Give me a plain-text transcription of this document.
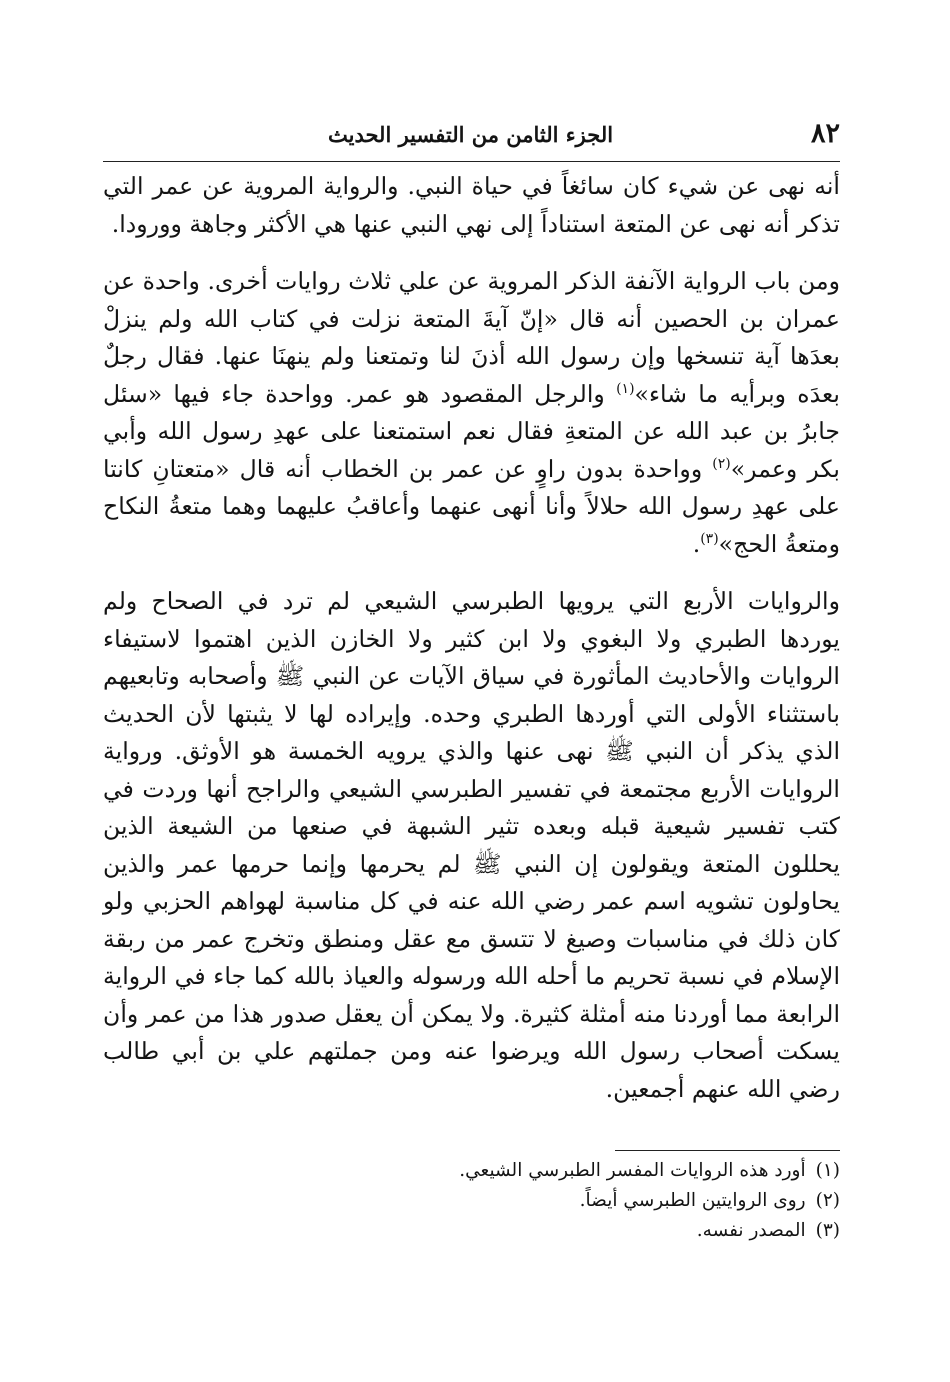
٨٢
الجزء الثامن من التفسير الحديث

أنه نهى عن شيء كان سائغاً في حياة النبي. والرواية المروية عن عمر التي تذكر أنه نهى عن المتعة استناداً إلى نهي النبي عنها هي الأكثر وجاهة وورودا.

ومن باب الرواية الآنفة الذكر المروية عن علي ثلاث روايات أخرى. واحدة عن عمران بن الحصين أنه قال «إنّ آيةَ المتعة نزلت في كتاب الله ولم ينزلْ بعدَها آية تنسخها وإن رسول الله أذنَ لنا وتمتعنا ولم ينهنَا عنها. فقال رجلٌ بعدَه وبرأيه ما شاء»$^{(١)}$ والرجل المقصود هو عمر. وواحدة جاء فيها «سئل جابرُ بن عبد الله عن المتعةِ فقال نعم استمتعنا على عهدِ رسول الله وأبي بكر وعمر»$^{(٢)}$ وواحدة بدون راوٍ عن عمر بن الخطاب أنه قال «متعتانِ كانتا على عهدِ رسول الله حلالاً وأنا أنهى عنهما وأعاقبُ عليهما وهما متعةُ النكاح ومتعةُ الحج»$^{(٣)}$.

والروايات الأربع التي يرويها الطبرسي الشيعي لم ترد في الصحاح ولم يوردها الطبري ولا البغوي ولا ابن كثير ولا الخازن الذين اهتموا لاستيفاء الروايات والأحاديث المأثورة في سياق الآيات عن النبي ﷺ وأصحابه وتابعيهم باستثناء الأولى التي أوردها الطبري وحده. وإيراده لها لا يثبتها لأن الحديث الذي يذكر أن النبي ﷺ نهى عنها والذي يرويه الخمسة هو الأوثق. ورواية الروايات الأربع مجتمعة في تفسير الطبرسي الشيعي والراجح أنها وردت في كتب تفسير شيعية قبله وبعده تثير الشبهة في صنعها من الشيعة الذين يحللون المتعة ويقولون إن النبي ﷺ لم يحرمها وإنما حرمها عمر والذين يحاولون تشويه اسم عمر رضي الله عنه في كل مناسبة لهواهم الحزبي ولو كان ذلك في مناسبات وصيغ لا تتسق مع عقل ومنطق وتخرج عمر من ربقة الإسلام في نسبة تحريم ما أحله الله ورسوله والعياذ بالله كما جاء في الرواية الرابعة مما أوردنا منه أمثلة كثيرة. ولا يمكن أن يعقل صدور هذا من عمر وأن يسكت أصحاب رسول الله ويرضوا عنه ومن جملتهم علي بن أبي طالب رضي الله عنهم أجمعين.

(١)
أورد هذه الروايات المفسر الطبرسي الشيعي.
(٢)
روى الروايتين الطبرسي أيضاً.
(٣)
المصدر نفسه.
